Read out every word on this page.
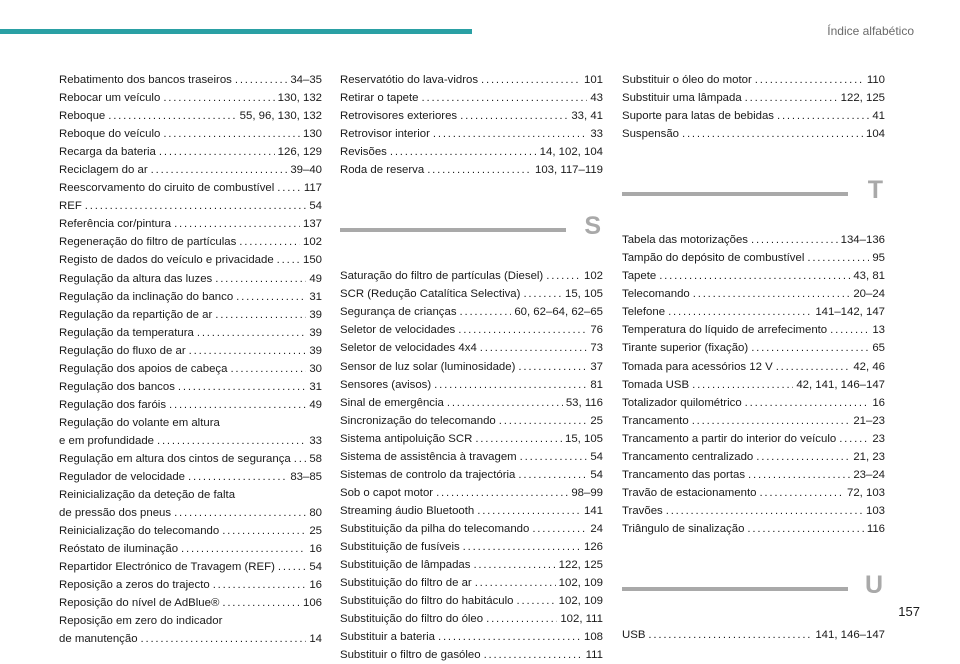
Índice alfabético
Rebatimento dos bancos traseiros .....	34–35
Rebocar um veículo .....	130, 132
Reboque .....	55, 96, 130, 132
Reboque do veículo .....	130
Recarga da bateria .....	126, 129
Reciclagem do ar .....	39–40
Reescorvamento do ciruito de combustível .....	117
REF .....	54
Referência cor/pintura .....	137
Regeneração do filtro de partículas .....	102
Registo de dados do veículo e privacidade .....	150
Regulação da altura das luzes .....	49
Regulação da inclinação do banco .....	31
Regulação da repartição de ar .....	39
Regulação da temperatura .....	39
Regulação do fluxo de ar .....	39
Regulação dos apoios de cabeça .....	30
Regulação dos bancos .....	31
Regulação dos faróis .....	49
Regulação do volante em altura
e em profundidade .....	33
Regulação em altura dos cintos de segurança ..... 58
Regulador de velocidade .....	83–85
Reinicialização da deteção de falta
de pressão dos pneus .....	80
Reinicialização do telecomando .....	25
Reóstato de iluminação .....	16
Repartidor Electrónico de Travagem (REF) .....	54
Reposição a zeros do trajecto .....	16
Reposição do nível de AdBlue® .....	106
Reposição em zero do indicador
de manutenção .....	14
Reservatótio do lava-vidros .....	101
Retirar o tapete .....	43
Retrovisores exteriores .....	33, 41
Retrovisor interior .....	33
Revisões .....	14, 102, 104
Roda de reserva .....	103, 117–119
S
Saturação do filtro de partículas (Diesel) .....	102
SCR (Redução Catalítica Selectiva) .....	15, 105
Segurança de crianças .....	60, 62–64, 62–65
Seletor de velocidades .....	76
Seletor de velocidades 4x4 .....	73
Sensor de luz solar (luminosidade) .....	37
Sensores (avisos) .....	81
Sinal de emergência .....	53, 116
Sincronização do telecomando .....	25
Sistema antipoluição SCR .....	15, 105
Sistema de assistência à travagem .....	54
Sistemas de controlo da trajectória .....	54
Sob o capot motor .....	98–99
Streaming áudio Bluetooth .....	141
Substituição da pilha do telecomando .....	24
Substituição de fusíveis .....	126
Substituição de lâmpadas .....	122, 125
Substituição do filtro de ar .....	102, 109
Substituição do filtro do habitáculo .....	102, 109
Substituição do filtro do óleo .....	102, 111
Substituir a bateria .....	108
Substituir o filtro de gasóleo .....	111
Substituir o óleo do motor .....	110
Substituir uma lâmpada .....	122, 125
Suporte para latas de bebidas .....	41
Suspensão .....	104
T
Tabela das motorizações .....	134–136
Tampão do depósito de combustível .....	95
Tapete .....	43, 81
Telecomando .....	20–24
Telefone .....	141–142, 147
Temperatura do líquido de arrefecimento .....	13
Tirante superior (fixação) .....	65
Tomada para acessórios 12 V .....	42, 46
Tomada USB .....	42, 141, 146–147
Totalizador quilométrico .....	16
Trancamento .....	21–23
Trancamento a partir do interior do veículo .....	23
Trancamento centralizado .....	21, 23
Trancamento das portas .....	23–24
Travão de estacionamento .....	72, 103
Travões .....	103
Triângulo de sinalização .....	116
U
USB .....	141, 146–147
157
